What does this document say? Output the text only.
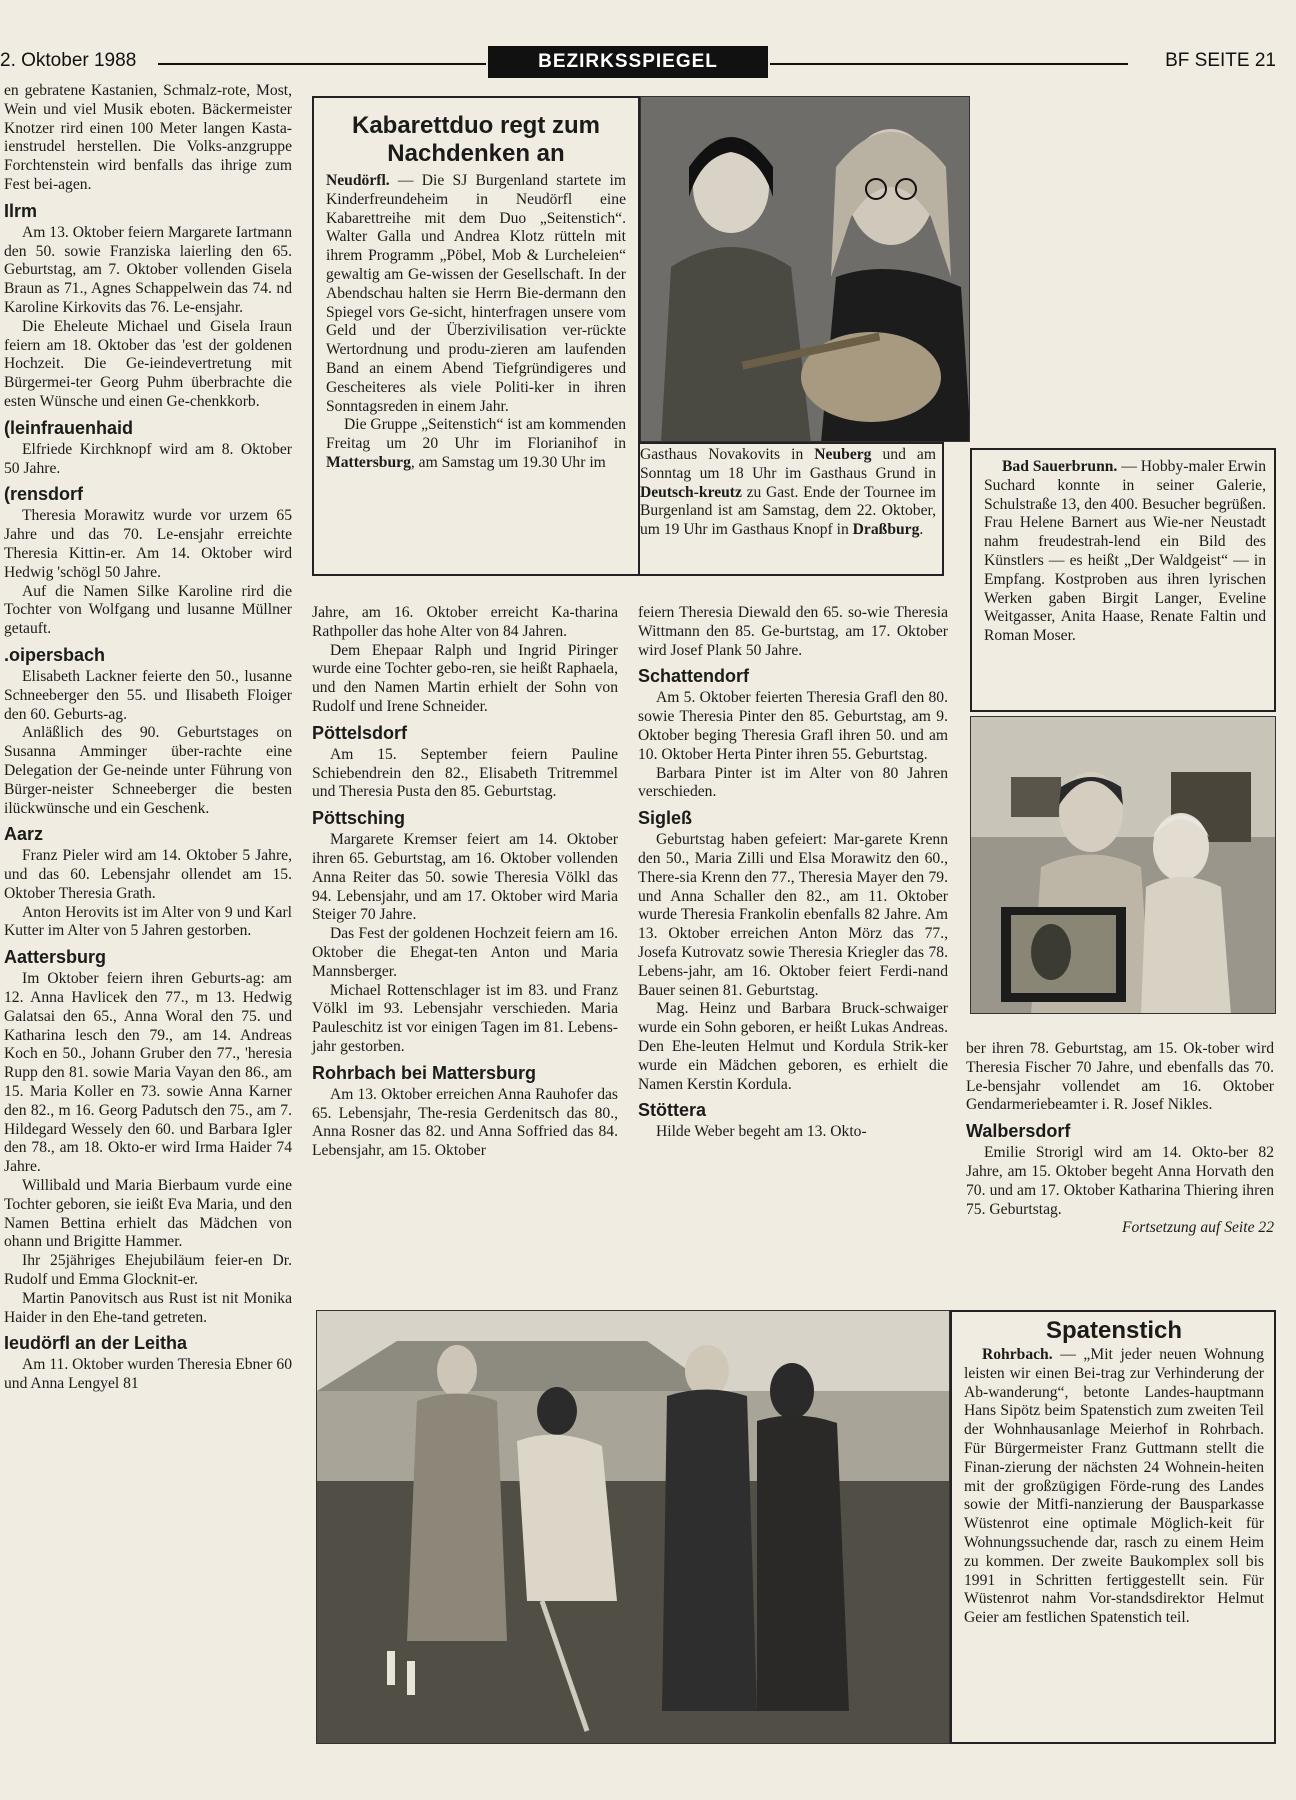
2. Oktober 1988	BEZIRKSSPIEGEL	BF SEITE 21

en gebratene Kastanien, Schmalz-rote, Most, Wein und viel Musik eboten. Bäckermeister Knotzer rird einen 100 Meter langen Kasta-ienstrudel herstellen. Die Volks-anzgruppe Forchtenstein wird benfalls das ihrige zum Fest bei-agen.

Ilrm

Am 13. Oktober feiern Margarete Iartmann den 50. sowie Franziska laierling den 65. Geburtstag, am 7. Oktober vollenden Gisela Braun as 71., Agnes Schappelwein das 74. nd Karoline Kirkovits das 76. Le-ensjahr.

Die Eheleute Michael und Gisela Iraun feiern am 18. Oktober das 'est der goldenen Hochzeit. Die Ge-ieindevertretung mit Bürgermei-ter Georg Puhm überbrachte die esten Wünsche und einen Ge-chenkkorb.

(leinfrauenhaid

Elfriede Kirchknopf wird am 8. Oktober 50 Jahre.

(rensdorf

Theresia Morawitz wurde vor urzem 65 Jahre und das 70. Le-ensjahr erreichte Theresia Kittin-er. Am 14. Oktober wird Hedwig 'schögl 50 Jahre.

Auf die Namen Silke Karoline rird die Tochter von Wolfgang und lusanne Müllner getauft.

.oipersbach

Elisabeth Lackner feierte den 50., lusanne Schneeberger den 55. und Ilisabeth Floiger den 60. Geburts-ag.

Anläßlich des 90. Geburtstages on Susanna Amminger über-rachte eine Delegation der Ge-neinde unter Führung von Bürger-neister Schneeberger die besten ilückwünsche und ein Geschenk.

Aarz

Franz Pieler wird am 14. Oktober 5 Jahre, und das 60. Lebensjahr ollendet am 15. Oktober Theresia Grath.

Anton Herovits ist im Alter von 9 und Karl Kutter im Alter von 5 Jahren gestorben.

Aattersburg

Im Oktober feiern ihren Geburts-ag: am 12. Anna Havlicek den 77., m 13. Hedwig Galatsai den 65., Anna Woral den 75. und Katharina lesch den 79., am 14. Andreas Koch en 50., Johann Gruber den 77., 'heresia Rupp den 81. sowie Maria Vayan den 86., am 15. Maria Koller en 73. sowie Anna Karner den 82., m 16. Georg Padutsch den 75., am 7. Hildegard Wessely den 60. und Barbara Igler den 78., am 18. Okto-er wird Irma Haider 74 Jahre.

Willibald und Maria Bierbaum vurde eine Tochter geboren, sie ieißt Eva Maria, und den Namen Bettina erhielt das Mädchen von ohann und Brigitte Hammer.

Ihr 25jähriges Ehejubiläum feier-en Dr. Rudolf und Emma Glocknit-er.

Martin Panovitsch aus Rust ist nit Monika Haider in den Ehe-tand getreten.

Ieudörfl an der Leitha

Am 11. Oktober wurden Theresia Ebner 60 und Anna Lengyel 81

Kabarettduo regt zum Nachdenken an

Neudörfl. — Die SJ Burgenland startete im Kinderfreundeheim in Neudörfl eine Kabarettreihe mit dem Duo „Seitenstich“. Walter Galla und Andrea Klotz rütteln mit ihrem Programm „Pöbel, Mob & Lurcheleien“ gewaltig am Ge-wissen der Gesellschaft. In der Abendschau halten sie Herrn Bie-dermann den Spiegel vors Ge-sicht, hinterfragen unsere vom Geld und der Überzivilisation ver-rückte Wertordnung und produ-zieren am laufenden Band an einem Abend Tiefgründigeres und Gescheiteres als viele Politi-ker in ihren Sonntagsreden in einem Jahr.

Die Gruppe „Seitenstich“ ist am kommenden Freitag um 20 Uhr im Florianihof in Mattersburg, am Samstag um 19.30 Uhr im	Gasthaus Novakovits in Neuberg und am Sonntag um 18 Uhr im Gasthaus Grund in Deutsch-kreutz zu Gast. Ende der Tournee im Burgenland ist am Samstag, dem 22. Oktober, um 19 Uhr im Gasthaus Knopf in Draßburg.

Jahre, am 16. Oktober erreicht Ka-tharina Rathpoller das hohe Alter von 84 Jahren.

Dem Ehepaar Ralph und Ingrid Piringer wurde eine Tochter gebo-ren, sie heißt Raphaela, und den Namen Martin erhielt der Sohn von Rudolf und Irene Schneider.

Pöttelsdorf

Am 15. September feiern Pauline Schiebendrein den 82., Elisabeth Tritremmel und Theresia Pusta den 85. Geburtstag.

Pöttsching

Margarete Kremser feiert am 14. Oktober ihren 65. Geburtstag, am 16. Oktober vollenden Anna Reiter das 50. sowie Theresia Völkl das 94. Lebensjahr, und am 17. Oktober wird Maria Steiger 70 Jahre.

Das Fest der goldenen Hochzeit feiern am 16. Oktober die Ehegat-ten Anton und Maria Mannsberger.

Michael Rottenschlager ist im 83. und Franz Völkl im 93. Lebensjahr verschieden. Maria Pauleschitz ist vor einigen Tagen im 81. Lebens-jahr gestorben.

Rohrbach bei Mattersburg

Am 13. Oktober erreichen Anna Rauhofer das 65. Lebensjahr, The-resia Gerdenitsch das 80., Anna Rosner das 82. und Anna Soffried das 84. Lebensjahr, am 15. Oktober

feiern Theresia Diewald den 65. so-wie Theresia Wittmann den 85. Ge-burtstag, am 17. Oktober wird Josef Plank 50 Jahre.

Schattendorf

Am 5. Oktober feierten Theresia Grafl den 80. sowie Theresia Pinter den 85. Geburtstag, am 9. Oktober beging Theresia Grafl ihren 50. und am 10. Oktober Herta Pinter ihren 55. Geburtstag.

Barbara Pinter ist im Alter von 80 Jahren verschieden.

Sigleß

Geburtstag haben gefeiert: Mar-garete Krenn den 50., Maria Zilli und Elsa Morawitz den 60., There-sia Krenn den 77., Theresia Mayer den 79. und Anna Schaller den 82., am 11. Oktober wurde Theresia Frankolin ebenfalls 82 Jahre. Am 13. Oktober erreichen Anton Mörz das 77., Josefa Kutrovatz sowie Theresia Kriegler das 78. Lebens-jahr, am 16. Oktober feiert Ferdi-nand Bauer seinen 81. Geburtstag.

Mag. Heinz und Barbara Bruck-schwaiger wurde ein Sohn geboren, er heißt Lukas Andreas. Den Ehe-leuten Helmut und Kordula Strik-ker wurde ein Mädchen geboren, es erhielt die Namen Kerstin Kordula.

Stöttera

Hilde Weber begeht am 13. Okto-

Bad Sauerbrunn. — Hobby-maler Erwin Suchard konnte in seiner Galerie, Schulstraße 13, den 400. Besucher begrüßen. Frau Helene Barnert aus Wie-ner Neustadt nahm freudestrah-lend ein Bild des Künstlers — es heißt „Der Waldgeist“ — in Empfang. Kostproben aus ihren lyrischen Werken gaben Birgit Langer, Eveline Weitgasser, Anita Haase, Renate Faltin und Roman Moser.

ber ihren 78. Geburtstag, am 15. Ok-tober wird Theresia Fischer 70 Jahre, und ebenfalls das 70. Le-bensjahr vollendet am 16. Oktober Gendarmeriebeamter i. R. Josef Nikles.

Walbersdorf

Emilie Strorigl wird am 14. Okto-ber 82 Jahre, am 15. Oktober begeht Anna Horvath den 70. und am 17. Oktober Katharina Thiering ihren 75. Geburtstag.

Fortsetzung auf Seite 22

Spatenstich

Rohrbach. — „Mit jeder neuen Wohnung leisten wir einen Bei-trag zur Verhinderung der Ab-wanderung“, betonte Landes-hauptmann Hans Sipötz beim Spatenstich zum zweiten Teil der Wohnhausanlage Meierhof in Rohrbach. Für Bürgermeister Franz Guttmann stellt die Finan-zierung der nächsten 24 Wohnein-heiten mit der großzügigen Förde-rung des Landes sowie der Mitfi-nanzierung der Bausparkasse Wüstenrot eine optimale Möglich-keit für Wohnungssuchende dar, rasch zu einem Heim zu kommen. Der zweite Baukomplex soll bis 1991 in Schritten fertiggestellt sein. Für Wüstenrot nahm Vor-standsdirektor Helmut Geier am festlichen Spatenstich teil.
